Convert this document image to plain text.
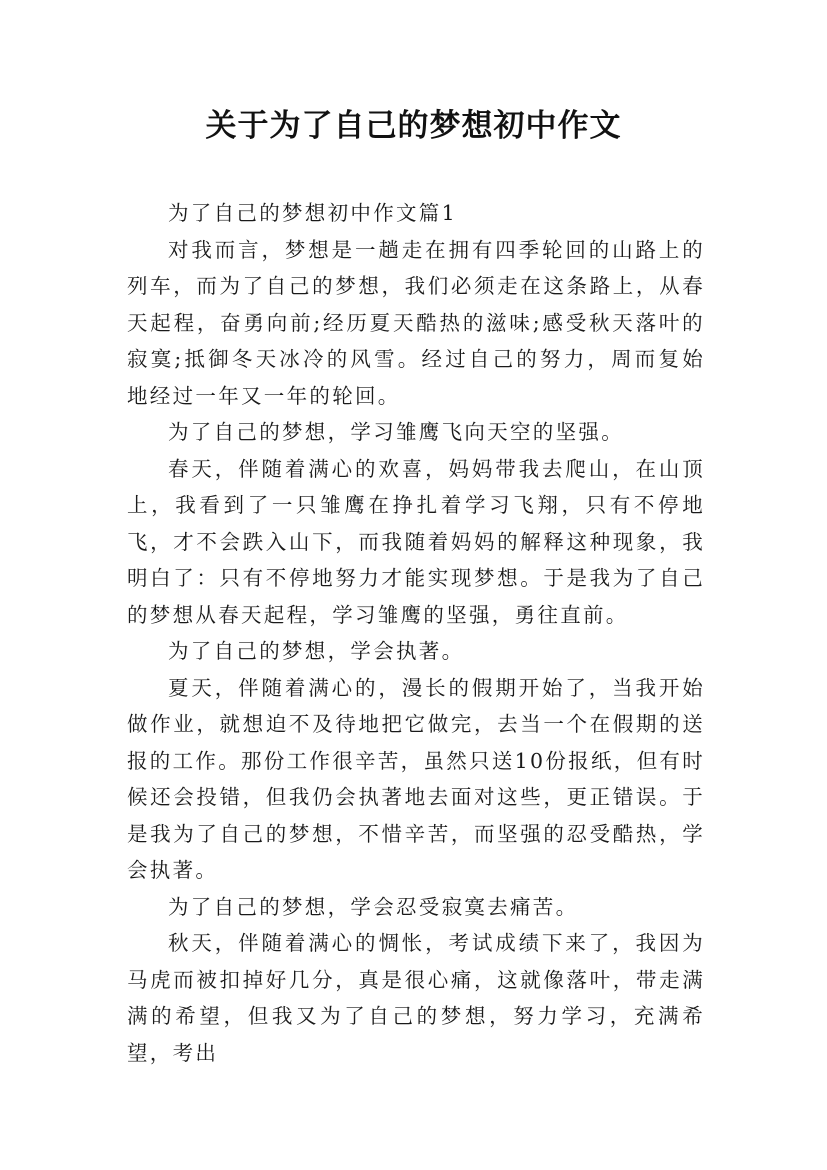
关于为了自己的梦想初中作文

为了自己的梦想初中作文篇1

对我而言，梦想是一趟走在拥有四季轮回的山路上的列车，而为了自己的梦想，我们必须走在这条路上，从春天起程，奋勇向前;经历夏天酷热的滋味;感受秋天落叶的寂寞;抵御冬天冰冷的风雪。经过自己的努力，周而复始地经过一年又一年的轮回。

为了自己的梦想，学习雏鹰飞向天空的坚强。

春天，伴随着满心的欢喜，妈妈带我去爬山，在山顶上，我看到了一只雏鹰在挣扎着学习飞翔，只有不停地飞，才不会跌入山下，而我随着妈妈的解释这种现象，我明白了：只有不停地努力才能实现梦想。于是我为了自己的梦想从春天起程，学习雏鹰的坚强，勇往直前。

为了自己的梦想，学会执著。

夏天，伴随着满心的，漫长的假期开始了，当我开始做作业，就想迫不及待地把它做完，去当一个在假期的送报的工作。那份工作很辛苦，虽然只送10份报纸，但有时候还会投错，但我仍会执著地去面对这些，更正错误。于是我为了自己的梦想，不惜辛苦，而坚强的忍受酷热，学会执著。

为了自己的梦想，学会忍受寂寞去痛苦。

秋天，伴随着满心的惆怅，考试成绩下来了，我因为马虎而被扣掉好几分，真是很心痛，这就像落叶，带走满满的希望，但我又为了自己的梦想，努力学习，充满希望，考出
